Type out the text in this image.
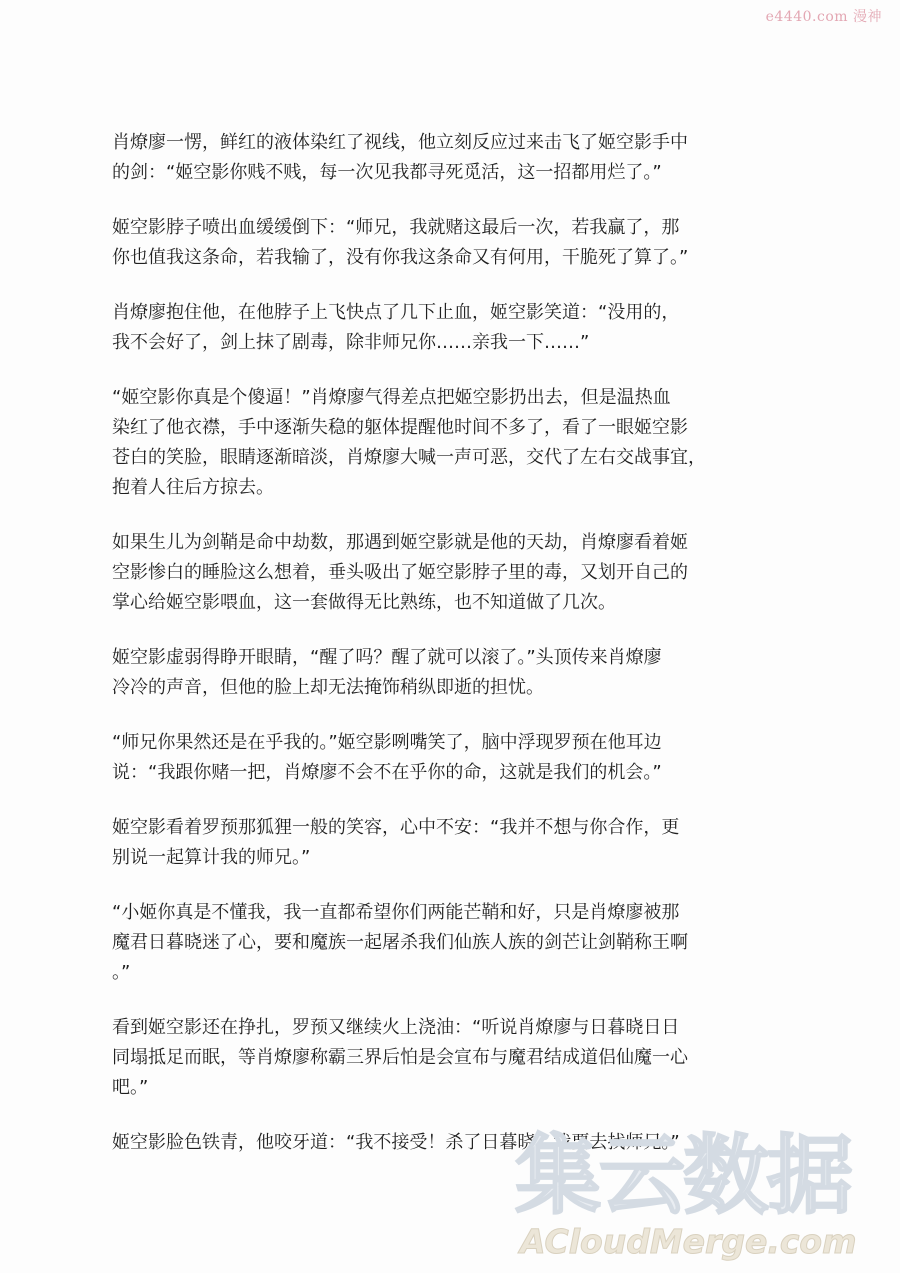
e4440.com 漫神

肖燎廖一愣，鲜红的液体染红了视线，他立刻反应过来击飞了姬空影手中
的剑：“姬空影你贱不贱，每一次见我都寻死觅活，这一招都用烂了。”

姬空影脖子喷出血缓缓倒下：“师兄，我就赌这最后一次，若我赢了，那
你也值我这条命，若我输了，没有你我这条命又有何用，干脆死了算了。”

肖燎廖抱住他，在他脖子上飞快点了几下止血，姬空影笑道：“没用的，
我不会好了，剑上抹了剧毒，除非师兄你……亲我一下……”

“姬空影你真是个傻逼！”肖燎廖气得差点把姬空影扔出去，但是温热血
染红了他衣襟，手中逐渐失稳的躯体提醒他时间不多了，看了一眼姬空影
苍白的笑脸，眼睛逐渐暗淡，肖燎廖大喊一声可恶，交代了左右交战事宜，
抱着人往后方掠去。

如果生儿为剑鞘是命中劫数，那遇到姬空影就是他的天劫，肖燎廖看着姬
空影惨白的睡脸这么想着，垂头吸出了姬空影脖子里的毒，又划开自己的
掌心给姬空影喂血，这一套做得无比熟练，也不知道做了几次。

姬空影虚弱得睁开眼睛，“醒了吗？醒了就可以滚了。”头顶传来肖燎廖
冷冷的声音，但他的脸上却无法掩饰稍纵即逝的担忧。

“师兄你果然还是在乎我的。”姬空影咧嘴笑了，脑中浮现罗预在他耳边
说：“我跟你赌一把，肖燎廖不会不在乎你的命，这就是我们的机会。”

姬空影看着罗预那狐狸一般的笑容，心中不安：“我并不想与你合作，更
别说一起算计我的师兄。”

“小姬你真是不懂我，我一直都希望你们两能芒鞘和好，只是肖燎廖被那
魔君日暮晓迷了心，要和魔族一起屠杀我们仙族人族的剑芒让剑鞘称王啊
。”

看到姬空影还在挣扎，罗预又继续火上浇油：“听说肖燎廖与日暮晓日日
同塌抵足而眠，等肖燎廖称霸三界后怕是会宣布与魔君结成道侣仙魔一心
吧。”

姬空影脸色铁青，他咬牙道：“我不接受！杀了日暮晓，我要去找师兄。”

集云数据
ACloudMerge.com
